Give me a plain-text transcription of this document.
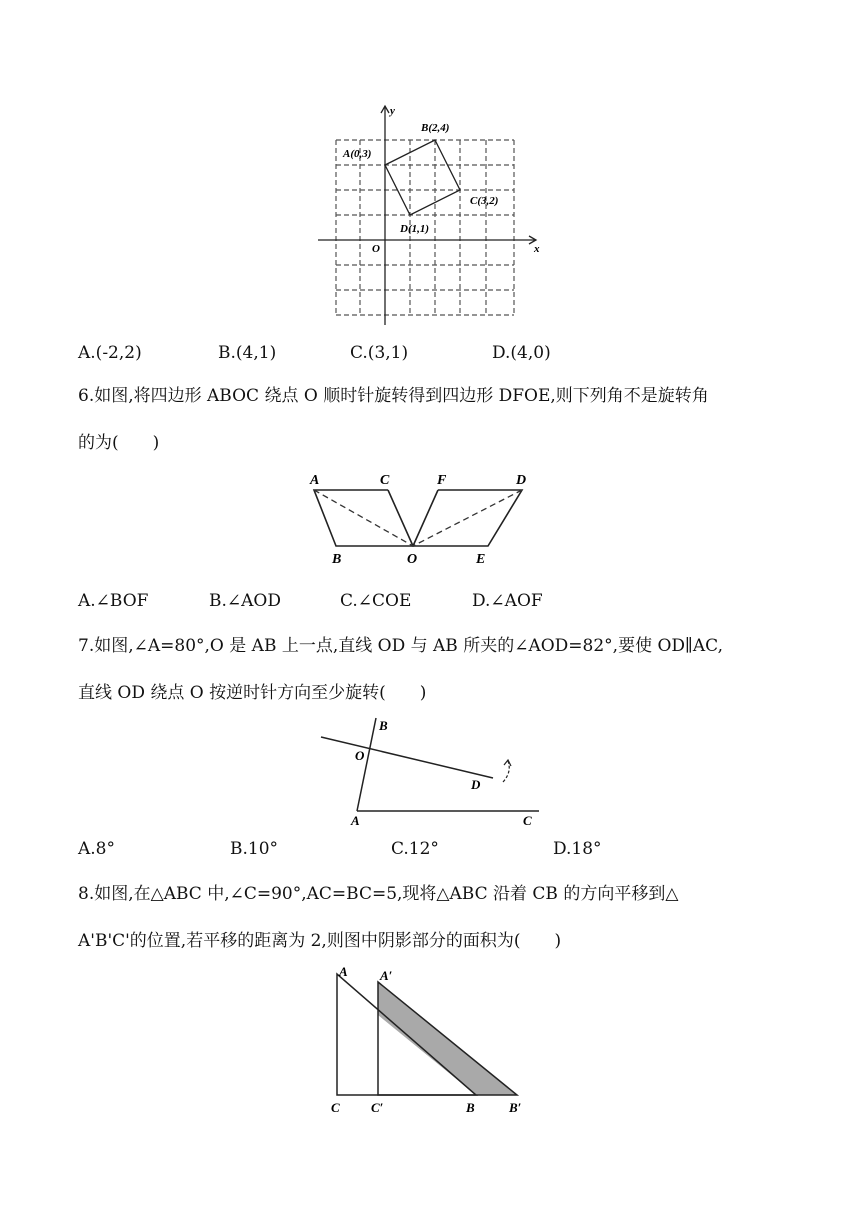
y
x
O
A(0,3)
B(2,4)
C(3,2)
D(1,1)
A.(-2,2)	B.(4,1)	C.(3,1)	D.(4,0)
6.如图,将四边形 ABOC 绕点 O 顺时针旋转得到四边形 DFOE,则下列角不是旋转角
的为(　　)
A	C	F	D
B	O	E
A.∠BOF	B.∠AOD	C.∠COE	D.∠AOF
7.如图,∠A=80°,O 是 AB 上一点,直线 OD 与 AB 所夹的∠AOD=82°,要使 OD∥AC,
直线 OD 绕点 O 按逆时针方向至少旋转(　　)
B
O
D
A	C
A.8°	B.10°	C.12°	D.18°
8.如图,在△ABC 中,∠C=90°,AC=BC=5,现将△ABC 沿着 CB 的方向平移到△
A'B'C'的位置,若平移的距离为 2,则图中阴影部分的面积为(　　)
A A′
C C′	B	B′
